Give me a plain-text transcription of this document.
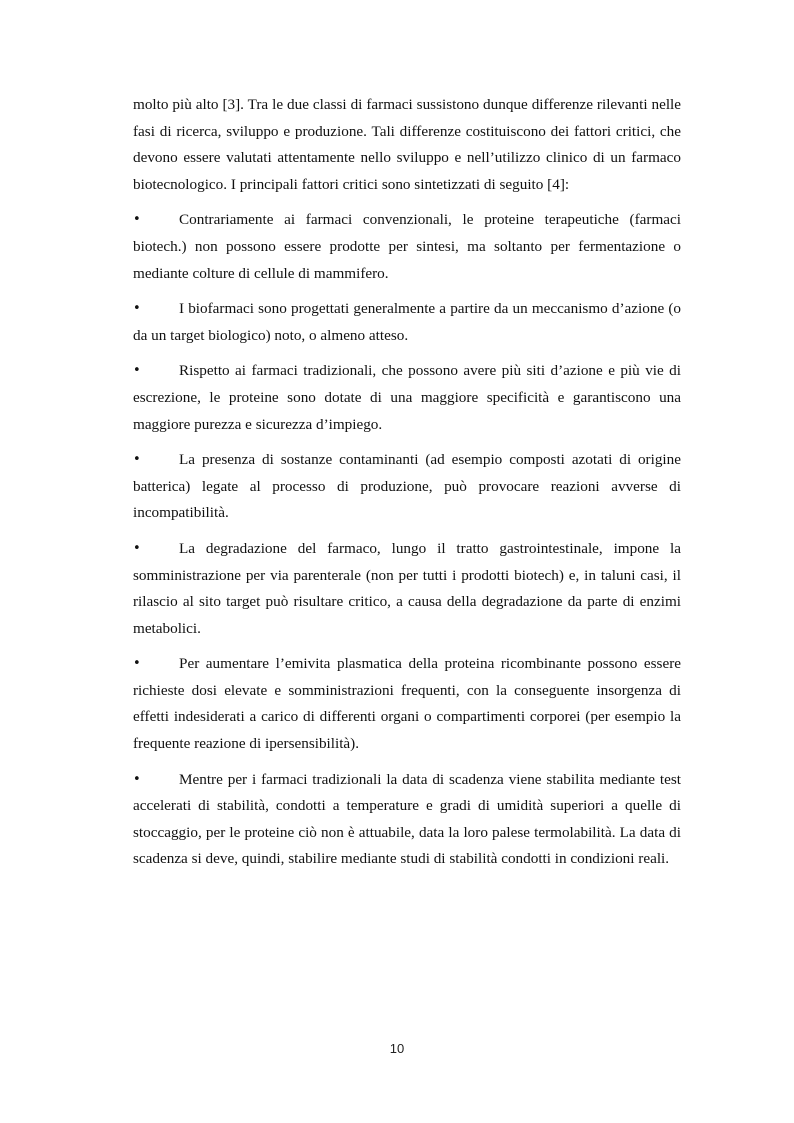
molto più alto [3]. Tra le due classi di farmaci sussistono dunque differenze rilevanti nelle fasi di ricerca, sviluppo e produzione. Tali differenze costituiscono dei fattori critici, che devono essere valutati attentamente nello sviluppo e nell’utilizzo clinico di un farmaco biotecnologico. I principali fattori critici sono sintetizzati di seguito [4]:

•	Contrariamente ai farmaci convenzionali, le proteine terapeutiche (farmaci biotech.) non possono essere prodotte per sintesi, ma soltanto per fermentazione o mediante colture di cellule di mammifero.

•	I biofarmaci sono progettati generalmente a partire da un meccanismo d’azione (o da un target biologico) noto, o almeno atteso.

•	Rispetto ai farmaci tradizionali, che possono avere più siti d’azione e più vie di escrezione, le proteine sono dotate di una maggiore specificità e garantiscono una maggiore purezza e sicurezza d’impiego.

•	La presenza di sostanze contaminanti (ad esempio composti azotati di origine batterica) legate al processo di produzione, può provocare reazioni avverse di incompatibilità.

•	La degradazione del farmaco, lungo il tratto gastrointestinale, impone la somministrazione per via parenterale (non per tutti i prodotti biotech) e, in taluni casi, il rilascio al sito target può risultare critico, a causa della degradazione da parte di enzimi metabolici.

•	Per aumentare l’emivita plasmatica della proteina ricombinante possono essere richieste dosi elevate e somministrazioni frequenti, con la conseguente insorgenza di effetti indesiderati a carico di differenti organi o compartimenti corporei (per esempio la frequente reazione di ipersensibilità).

•	Mentre per i farmaci tradizionali la data di scadenza viene stabilita mediante test accelerati di stabilità, condotti a temperature e gradi di umidità superiori a quelle di stoccaggio, per le proteine ciò non è attuabile, data la loro palese termolabilità. La data di scadenza si deve, quindi, stabilire mediante studi di stabilità condotti in condizioni reali.

10
